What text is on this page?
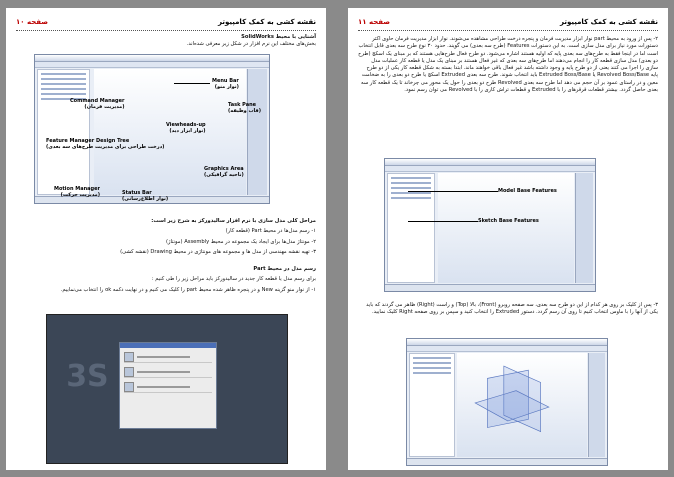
نقشه کشی به کمک کامپیوتر
صفحه ۱۰

آشنایی با محیط SolidWorks

بخش‌های مختلف این نرم افزار در شکل زیر معرفی شده‌اند.

Menu Bar
(نوار منو)
Command Manager
(مدیریت فرمان)	Task Pane
(قاب وظیفه)
Viewheads-up
(نوار ابزار دید)
Feature Manager Design Tree
(درخت طراحی برای مدیریت طرح‌های سه بعدی)
Graphics Area
(ناحیه گرافیکی)
Motion Manager
(مدیریت حرکت)	Status Bar
(نوار اطلاع‌رسانی)

مراحل کلی مدل سازی با نرم افزار سالیدورکز به شرح زیر است:

۱- رسم مدل‌ها در محیط Part (قطعه کار)

۲- مونتاژ مدل‌ها برای ایجاد یک مجموعه در محیط Assembly (مونتاژ)

۳- تهیه نقشه مهندسی از مدل ها و مجموعه های مونتاژی در محیط Drawing (نقشه کشی)

رسم مدل در محیط Part

برای رسم مدل یا قطعه کار جدید در سالیدورکز باید مراحل زیر را طی کنیم :

۱- از نوار منو گزینه New و در پنجره ظاهر شده محیط part را کلیک می کنیم و در نهایت دکمه ok را انتخاب می‌نماییم.

3S
نقشه کشی به کمک کامپیوتر
صفحه ۱۱

۲- پس از ورود به محیط part نوار ابزار مدیریت فرمان و پنجره درخت طراحی مشاهده می‌شوند. نوار ابزار مدیریت فرمان حاوی اکثر دستورات مورد نیاز برای مدل سازی است. به این دستورات Features (طرح سه بعدی) می گویند. حدود ۳۰ نوع طرح سه بعدی قابل انتخاب است اما در اینجا فقط به طرح‌های سه بعدی پایه که اولیه هستند اشاره می‌شود. دو طرح فعال طرح‌هایی هستند که بر مبنای یک اسکچ (طرح دو بعدی) مدل سازی قطعه کار را انجام می‌دهند اما طرح‌های سه بعدی که غیر فعال هستند بر مبنای یک مدل یا قطعه کار عملیات مدل سازی را اجرا می کنند یعنی از دو طرح پایه و وجود داشته باشد غیر فعال باقی خواهند ماند. ابتدا بسته به شکل قطعه کار یکی از دو طرح پایه Revolved Boss/Base یا Extruded Boss/Base باید انتخاب شوند. طرح سه بعدی Extruded اسکچ یا طرح دو بعدی را به ضخامت معین و در راستای عمود بر آن حجم می دهد اما طرح سه بعدی Revolved طرح دو بعدی را حول یک محور می چرخاند تا یک قطعه کار سه بعدی حاصل گردد. بیشتر قطعات قرقرهای را با Extruded و قطعات تراش کاری را با Revolved می توان رسم نمود.

Model Base Features
Sketch Base Features

۳- پس از کلیک بر روی هر کدام از این دو طرح سه بعدی، سه صفحه روبرو (Front)، بالا (Top) و راست (Right) ظاهر می گردند که باید یکی از آنها را با ماوس انتخاب کنیم تا روی آن رسم گردد. دستور Extruded را انتخاب کنید و سپس بر روی صفحه Right کلیک نمایید.
